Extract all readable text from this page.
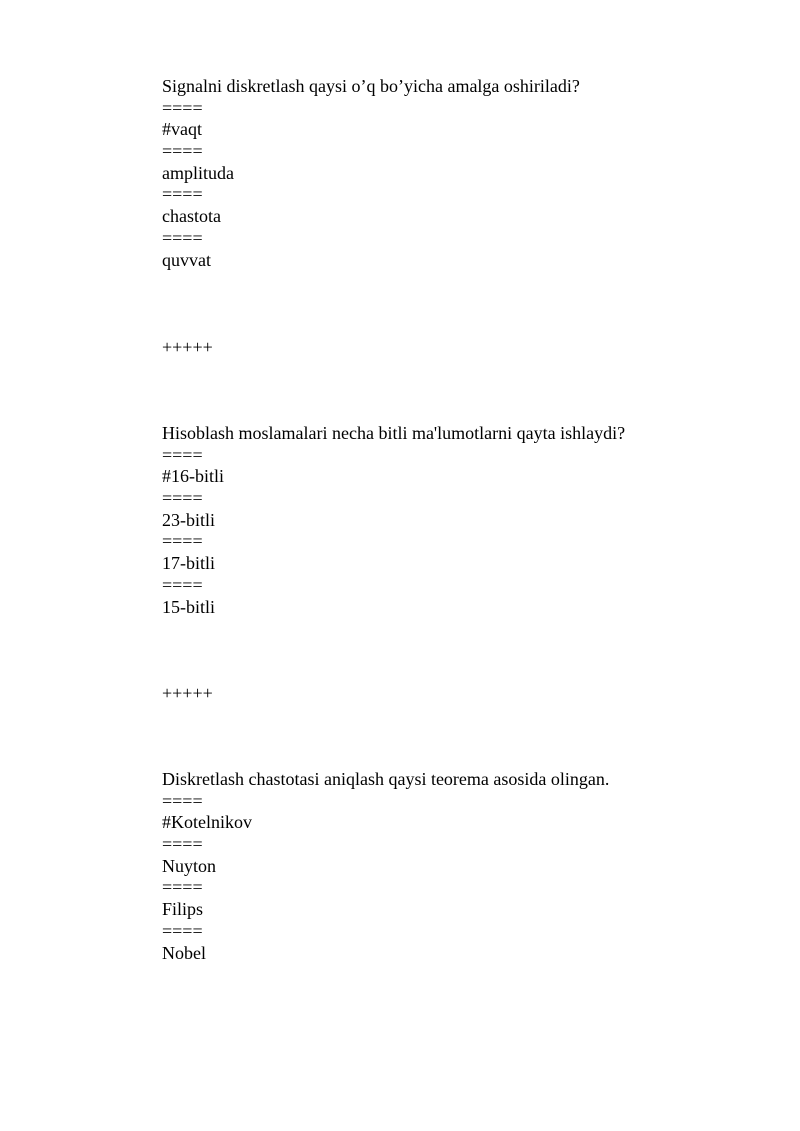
Signalni diskretlash qaysi o’q bo’yicha amalga oshiriladi?
====
#vaqt
====
amplituda
====
chastota
====
quvvat
+++++
Hisoblash moslamalari necha bitli ma'lumotlarni qayta ishlaydi?
====
#16-bitli
====
23-bitli
====
17-bitli
====
15-bitli
+++++
Diskretlash chastotasi aniqlash qaysi teorema asosida olingan.
====
#Kotelnikov
====
Nuyton
====
Filips
====
Nobel
